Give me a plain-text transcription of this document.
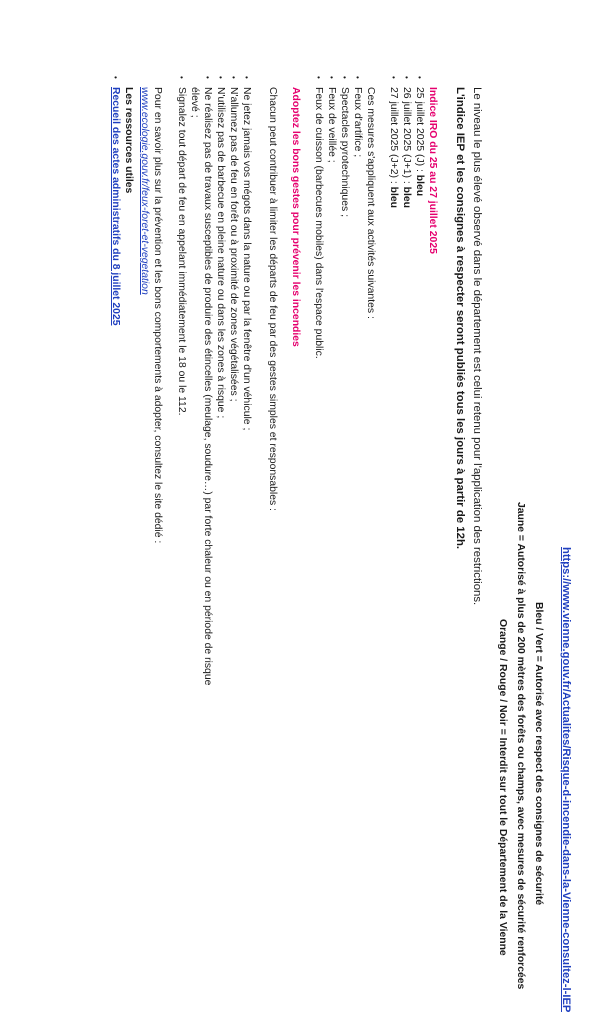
https://www.vienne.gouv.fr/Actualites/Risque-d-incendie-dans-la-Vienne-consultez-l-IEP
Bleu / Vert = Autorisé avec respect des consignes de sécurité
Jaune = Autorisé à plus de 200 mètres des forêts ou champs, avec mesures de sécurité renforcées
Orange / Rouge / Noir = Interdit sur tout le Département de la Vienne
Le niveau le plus élevé observé dans le département est celui retenu pour l'application des restrictions.
L'indice IEP et les consignes à respecter seront publiés tous les jours à partir de 12h.
Indice IRO du 25 au 27 juillet 2025
25 juillet 2025 (J) : bleu
•
26 juillet 2025 (J+1) : bleu
•
27 juillet 2025 (J+2) : bleu
•
Ces mesures s'appliquent aux activités suivantes :
•
Feux d'artifice ;
•
Spectacles pyrotechniques ;
•
Feux de veillée ;
•
Feux de cuisson (barbecues mobiles) dans l'espace public.
Adoptez les bons gestes pour prévenir les incendies
Chacun peut contribuer à limiter les départs de feu par des gestes simples et responsables :
•
Ne jetez jamais vos mégots dans la nature ou par la fenêtre d'un véhicule ;
•
N'allumez pas de feu en forêt ou à proximité de zones végétalisées ;
•
N'utilisez pas de barbecue en pleine nature ou dans les zones à risque ;
•
Ne réalisez pas de travaux susceptibles de produire des étincelles (meulage, soudure…) par forte chaleur ou en période de risque
élevé ;
•
Signalez tout départ de feu en appelant immédiatement le 18 ou le 112.
Pour en savoir plus sur la prévention et les bons comportements à adopter, consultez le site dédié :
www.ecologie.gouv.fr/feux-foret-et-vegetation
Les ressources utiles
•
Recueil des actes administratifs du 8 juillet 2025
